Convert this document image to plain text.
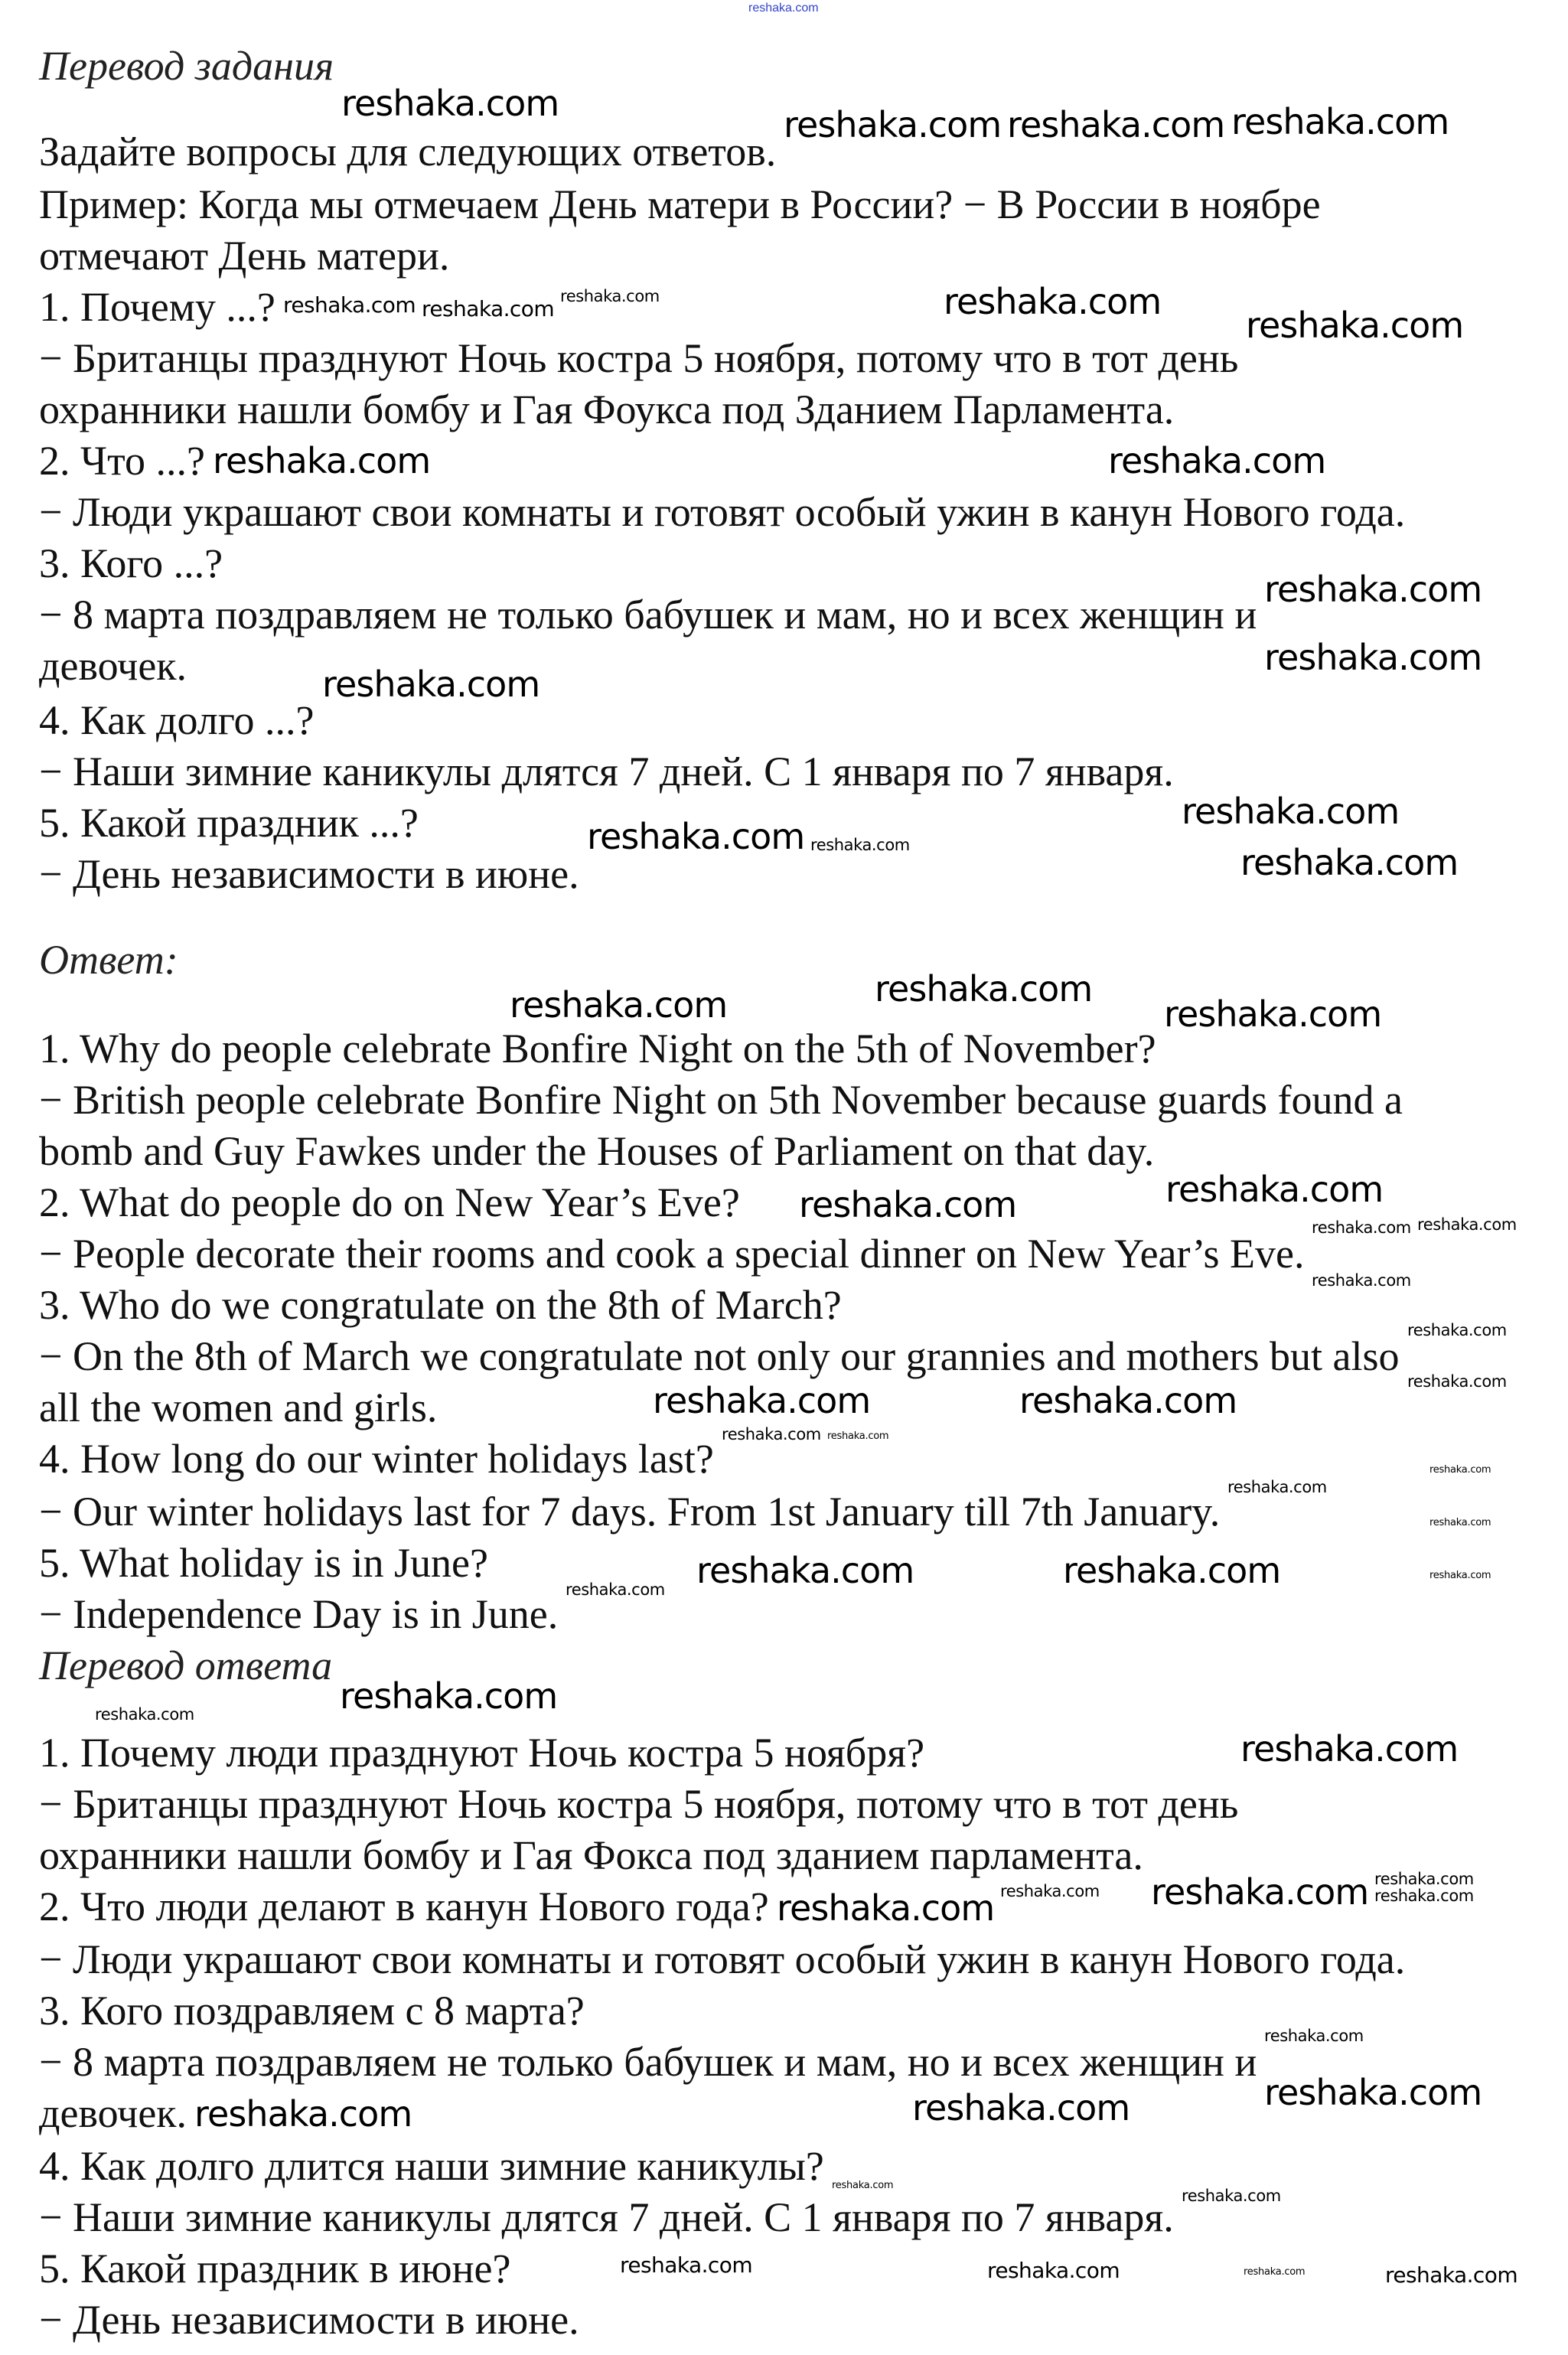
reshaka.com
Перевод задания
Задайте вопросы для следующих ответов.
Пример: Когда мы отмечаем День матери в России? − В России в ноябре
отмечают День матери.
1. Почему ...?
− Британцы празднуют Ночь костра 5 ноября, потому что в тот день
охранники нашли бомбу и Гая Фоукса под Зданием Парламента.
2. Что ...?
− Люди украшают свои комнаты и готовят особый ужин в канун Нового года.
3. Кого ...?
− 8 марта поздравляем не только бабушек и мам, но и всех женщин и
девочек.
4. Как долго ...?
− Наши зимние каникулы длятся 7 дней. С 1 января по 7 января.
5. Какой праздник ...?
− День независимости в июне.
Ответ:
1. Why do people celebrate Bonfire Night on the 5th of November?
− British people celebrate Bonfire Night on 5th November because guards found a
bomb and Guy Fawkes under the Houses of Parliament on that day.
2. What do people do on New Year’s Eve?
− People decorate their rooms and cook a special dinner on New Year’s Eve.
3. Who do we congratulate on the 8th of March?
− On the 8th of March we congratulate not only our grannies and mothers but also
all the women and girls.
4. How long do our winter holidays last?
− Our winter holidays last for 7 days. From 1st January till 7th January.
5. What holiday is in June?
− Independence Day is in June.
Перевод ответа
1. Почему люди празднуют Ночь костра 5 ноября?
− Британцы празднуют Ночь костра 5 ноября, потому что в тот день
охранники нашли бомбу и Гая Фокса под зданием парламента.
2. Что люди делают в канун Нового года?
− Люди украшают свои комнаты и готовят особый ужин в канун Нового года.
3. Кого поздравляем с 8 марта?
− 8 марта поздравляем не только бабушек и мам, но и всех женщин и
девочек.
4. Как долго длится наши зимние каникулы?
− Наши зимние каникулы длятся 7 дней. С 1 января по 7 января.
5. Какой праздник в июне?
− День независимости в июне.
reshaka.com reshaka.com reshaka.com
reshaka.com
reshaka.com
reshaka.com
reshaka.com	reshaka.com
reshaka.com
reshaka.com
reshaka.com
reshaka.com
reshaka.com
reshaka.com
reshaka.com
reshaka.com	reshaka.com
reshaka.com
reshaka.com
reshaka.com	reshaka.com
reshaka.com	reshaka.com
reshaka.com
reshaka.com
reshaka.com
reshaka.com
reshaka.com
reshaka.com
reshaka.com
reshaka.com
reshaka.com
reshaka.com	reshaka.com
reshaka.com reshaka.com
reshaka.com
reshaka.com reshaka.com
reshaka.com
reshaka.com
reshaka.com
reshaka.com
reshaka.com
reshaka.com
reshaka.com
reshaka.com
reshaka.com	reshaka.com
reshaka.com
reshaka.com
reshaka.com
reshaka.com
reshaka.com
reshaka.com
reshaka.com
reshaka.com
